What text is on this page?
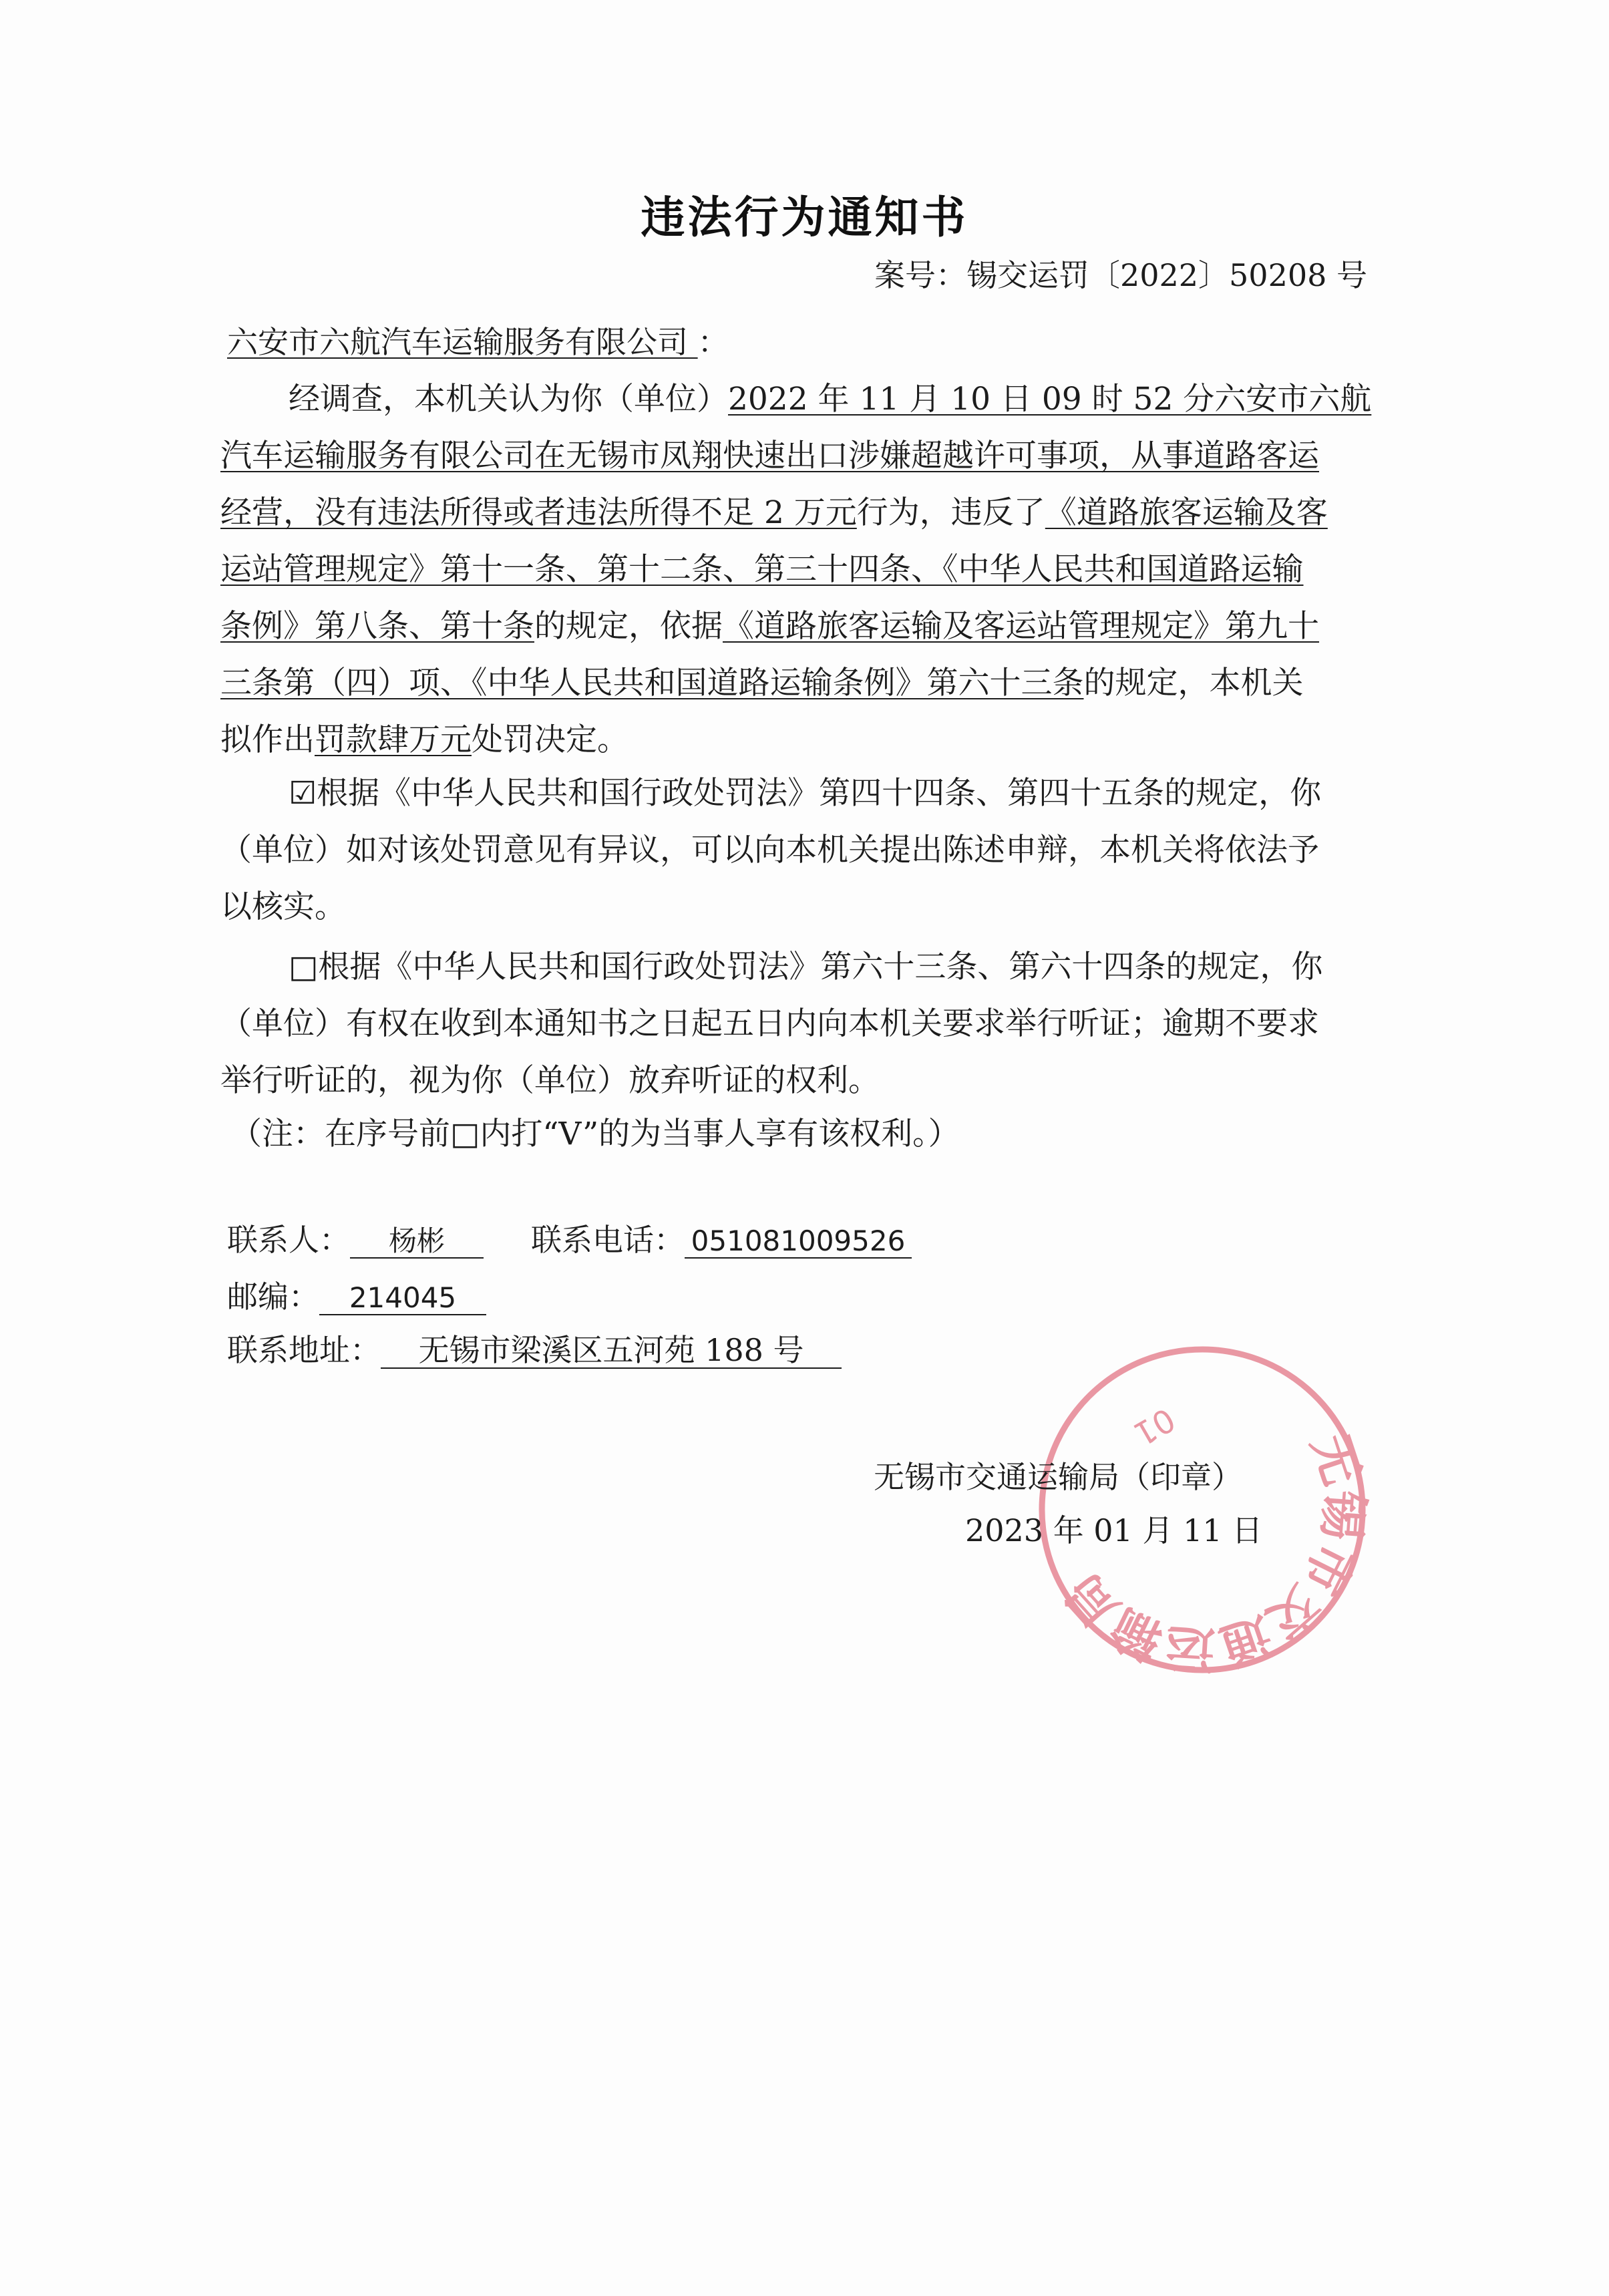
违法行为通知书
案号：锡交运罚〔2022〕50208 号
六安市六航汽车运输服务有限公司 ：
经调查，本机关认为你（单位）2022 年 11 月 10 日 09 时 52 分六安市六航
汽车运输服务有限公司在无锡市凤翔快速出口涉嫌超越许可事项，从事道路客运
经营，没有违法所得或者违法所得不足 2 万元行为，违反了《道路旅客运输及客
运站管理规定》第十一条、第十二条、第三十四条、《中华人民共和国道路运输
条例》第八条、第十条的规定，依据《道路旅客运输及客运站管理规定》第九十
三条第（四）项、《中华人民共和国道路运输条例》第六十三条的规定，本机关
拟作出罚款肆万元处罚决定。
☑根据《中华人民共和国行政处罚法》第四十四条、第四十五条的规定，你
（单位）如对该处罚意见有异议，可以向本机关提出陈述申辩，本机关将依法予
以核实。
□根据《中华人民共和国行政处罚法》第六十三条、第六十四条的规定，你
（单位）有权在收到本通知书之日起五日内向本机关要求举行听证；逾期不要求
举行听证的，视为你（单位）放弃听证的权利。
（注：在序号前□内打“V”的为当事人享有该权利。）
联系人： 杨彬	联系电话： 051081009526
邮编： 214045
联系地址： 无锡市梁溪区五河苑 188 号
无锡市交通运输局
01
无锡市交通运输局（印章）
2023 年 01 月 11 日
